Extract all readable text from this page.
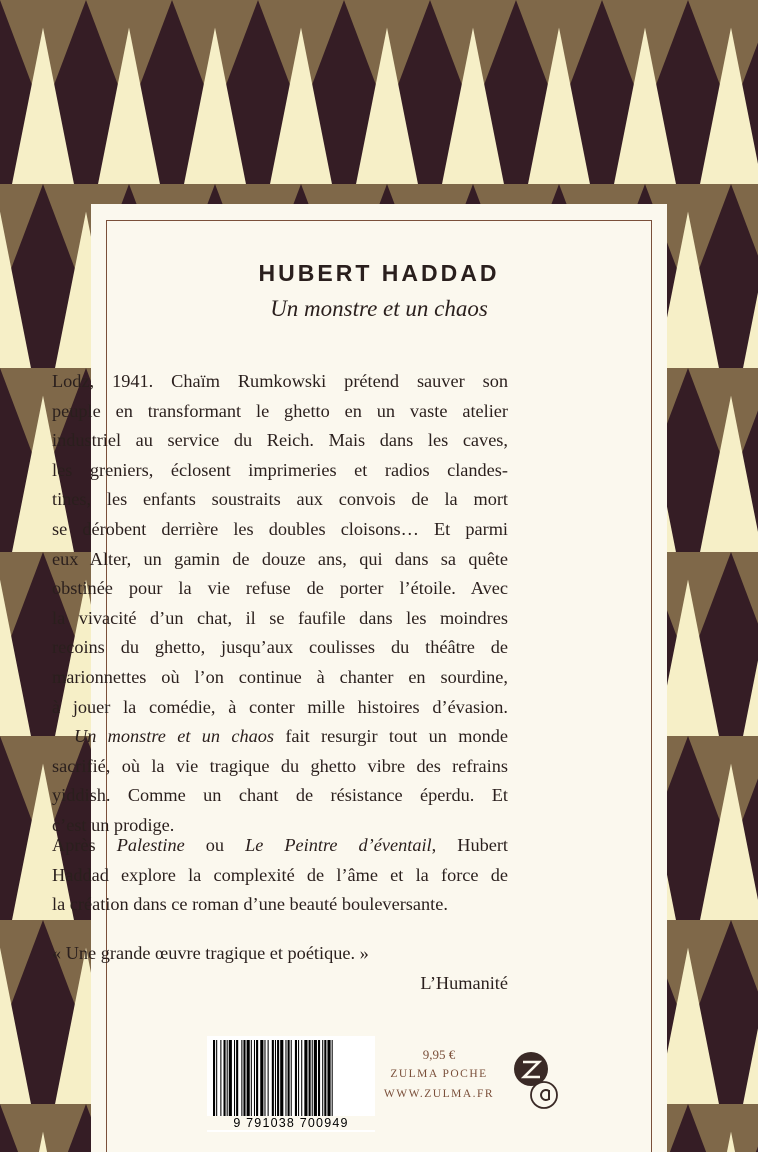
HUBERT HADDAD
Un monstre et un chaos

Lodz, 1941. Chaïm Rumkowski prétend sauver son

peuple en transformant le ghetto en un vaste atelier

industriel au service du Reich. Mais dans les caves,

les greniers, éclosent imprimeries et radios clandes-

tines, les enfants soustraits aux convois de la mort

se dérobent derrière les doubles cloisons… Et parmi

eux Alter, un gamin de douze ans, qui dans sa quête

obstinée pour la vie refuse de porter l’étoile. Avec

la vivacité d’un chat, il se faufile dans les moindres

recoins du ghetto, jusqu’aux coulisses du théâtre de

marionnettes où l’on continue à chanter en sourdine,

à jouer la comédie, à conter mille histoires d’évasion.

Un monstre et un chaos fait resurgir tout un monde

sacrifié, où la vie tragique du ghetto vibre des refrains

yiddish. Comme un chant de résistance éperdu. Et

c’est un prodige.

Après Palestine ou Le Peintre d’éventail, Hubert

Haddad explore la complexité de l’âme et la force de

la création dans ce roman d’une beauté bouleversante.

« Une grande œuvre tragique et poétique. »

L’Humanité

9 791038 700949
9,95 €
ZULMA POCHE
WWW.ZULMA.FR
